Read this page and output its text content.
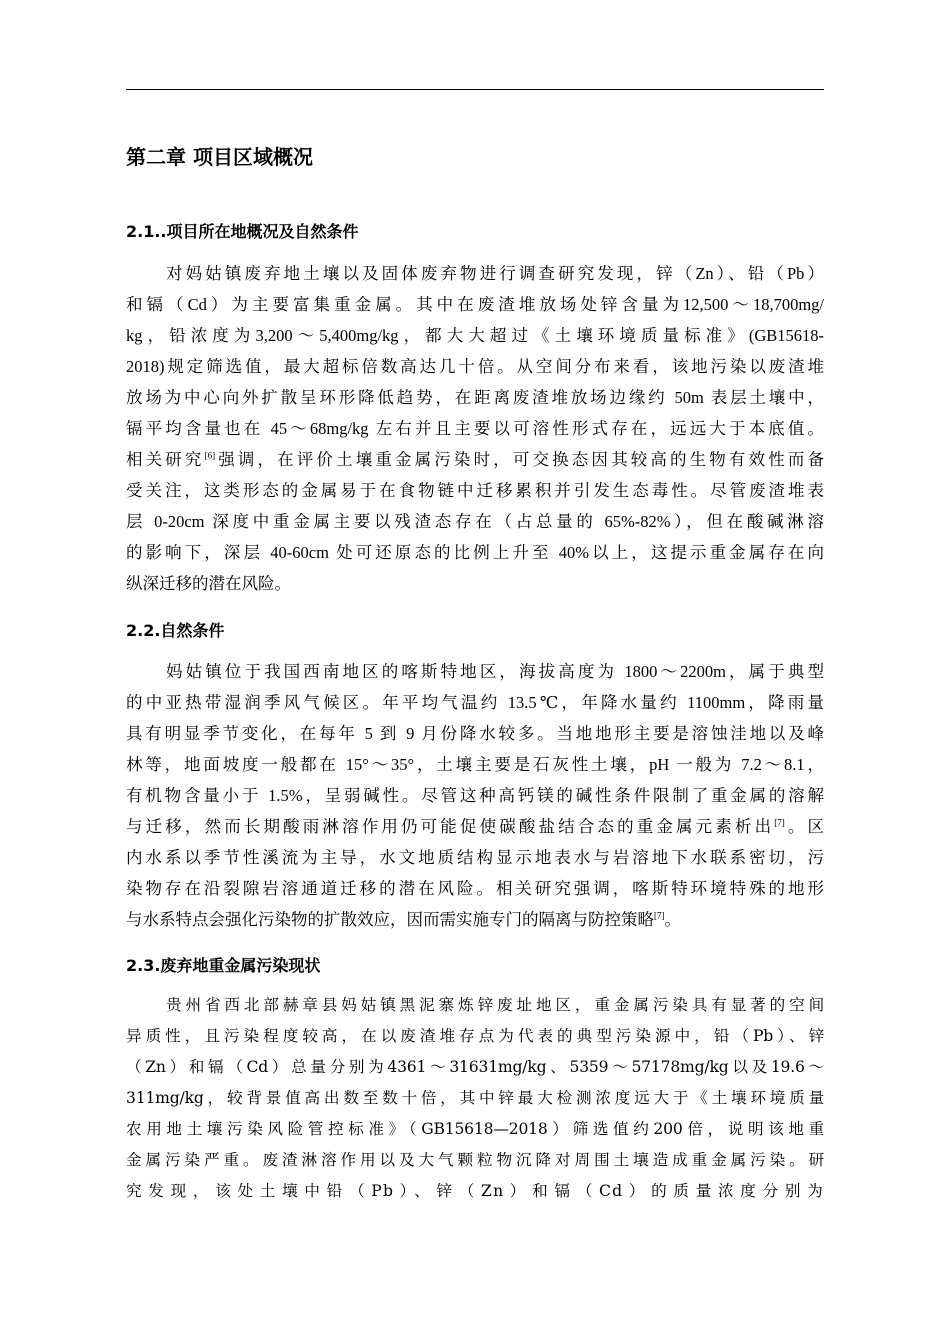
第二章 项目区域概况
2.1..项目所在地概况及自然条件
对妈姑镇废弃地土壤以及固体废弃物进行调查研究发现，锌（Zn）、铅（Pb）
和镉（Cd）为主要富集重金属。其中在废渣堆放场处锌含量为12,500～18,700mg/
kg，铅浓度为3,200～5,400mg/kg，都大大超过《土壤环境质量标准》(GB15618-
2018)规定筛选值，最大超标倍数高达几十倍。从空间分布来看，该地污染以废渣堆
放场为中心向外扩散呈环形降低趋势，在距离废渣堆放场边缘约 50m 表层土壤中，
镉平均含量也在 45～68mg/kg 左右并且主要以可溶性形式存在，远远大于本底值。
相关研究[6]强调，在评价土壤重金属污染时，可交换态因其较高的生物有效性而备
受关注，这类形态的金属易于在食物链中迁移累积并引发生态毒性。尽管废渣堆表
层 0-20cm 深度中重金属主要以残渣态存在（占总量的 65%-82%），但在酸碱淋溶
的影响下，深层 40-60cm 处可还原态的比例上升至 40%以上，这提示重金属存在向
纵深迁移的潜在风险。
2.2.自然条件
妈姑镇位于我国西南地区的喀斯特地区，海拔高度为 1800～2200m，属于典型
的中亚热带湿润季风气候区。年平均气温约 13.5℃，年降水量约 1100mm，降雨量
具有明显季节变化，在每年 5 到 9 月份降水较多。当地地形主要是溶蚀洼地以及峰
林等，地面坡度一般都在 15°～35°，土壤主要是石灰性土壤，pH 一般为 7.2～8.1，
有机物含量小于 1.5%，呈弱碱性。尽管这种高钙镁的碱性条件限制了重金属的溶解
与迁移，然而长期酸雨淋溶作用仍可能促使碳酸盐结合态的重金属元素析出[7]。区
内水系以季节性溪流为主导，水文地质结构显示地表水与岩溶地下水联系密切，污
染物存在沿裂隙岩溶通道迁移的潜在风险。相关研究强调，喀斯特环境特殊的地形
与水系特点会强化污染物的扩散效应，因而需实施专门的隔离与防控策略[7]。
2.3.废弃地重金属污染现状
贵州省西北部赫章县妈姑镇黑泥寨炼锌废址地区，重金属污染具有显著的空间
异质性，且污染程度较高，在以废渣堆存点为代表的典型污染源中，铅（Pb）、锌
（Zn）和镉（Cd）总量分别为4361～31631mg/kg、5359～57178mg/kg以及19.6～
311mg/kg，较背景值高出数至数十倍，其中锌最大检测浓度远大于《土壤环境质量
农用地土壤污染风险管控标准》（GB15618—2018）筛选值约200倍，说明该地重
金属污染严重。废渣淋溶作用以及大气颗粒物沉降对周围土壤造成重金属污染。研
究发现，该处土壤中铅（Pb）、锌（Zn）和镉（Cd）的质量浓度分别为
